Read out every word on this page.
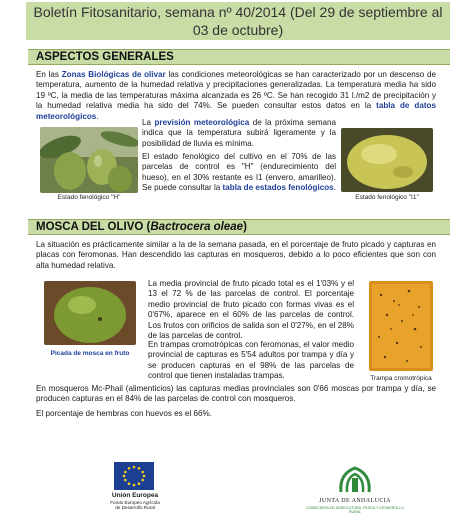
Boletín Fitosanitario, semana nº 40/2014 (Del 29 de septiembre al
03 de octubre)
ASPECTOS GENERALES

En las Zonas Biológicas de olivar las condiciones meteorológicas se han caracterizado por un descenso de temperatura, aumento de la humedad relativa y precipitaciones generalizadas. La temperatura media ha sido 19 ºC, la media de las temperaturas máxima alcanzada es 26 ºC. Se han recogido 31 l./m2 de precipitación y la humedad relativa media ha sido del 74%. Se pueden consultar estos datos en la tabla de datos meteorológicos.

Estado fenológico "H"

La previsión meteorológica de la próxima semana indica que la temperatura subirá ligeramente y la posibilidad de lluvia es mínima.

El estado fenológico del cultivo en el 70% de las parcelas de control es "H" (endurecimiento del hueso), en el 30% restante es I1 (envero, amarilleo). Se puede consultar la tabla de estados fenológicos.

Estado fenológico "I1"
MOSCA DEL OLIVO (Bactrocera oleae)

La situación es prácticamente similar a la de la semana pasada, en el porcentaje de fruto picado y capturas en placas con feromonas. Han descendido las capturas en mosqueros, debido a lo poco eficientes que son con alta humedad relativa.

Picada de mosca en fruto

La media provincial de fruto picado total es el 1'03% y el 13 el 72 % de las parcelas de control. El porcentaje medio provincial de fruto picado con formas vivas es el 0'67%, aparece en el 60% de las parcelas de control. Los frutos con orificios de salida son el 0'27%, en el 28% de las parcelas de control.

En trampas cromotrópicas con feromonas, el valor medio provincial de capturas es 5'54 adultos por trampa y día y se producen capturas en el 98% de las parcelas de control que tienen instaladas trampas.	Trampa cromotrópica

En mosqueros Mc-Phail (alimenticios) las capturas medias provinciales son 0'66 moscas por trampa y día, se producen capturas en el 84% de las parcelas de control con mosqueros.

El porcentaje de hembras con huevos es el 66%.

Unión Europea
Fondo Europeo Agrícola
de Desarrollo Rural
JUNTA DE ANDALUCIA
CONSEJERÍA DE AGRICULTURA, PESCA Y DESARROLLO RURAL
